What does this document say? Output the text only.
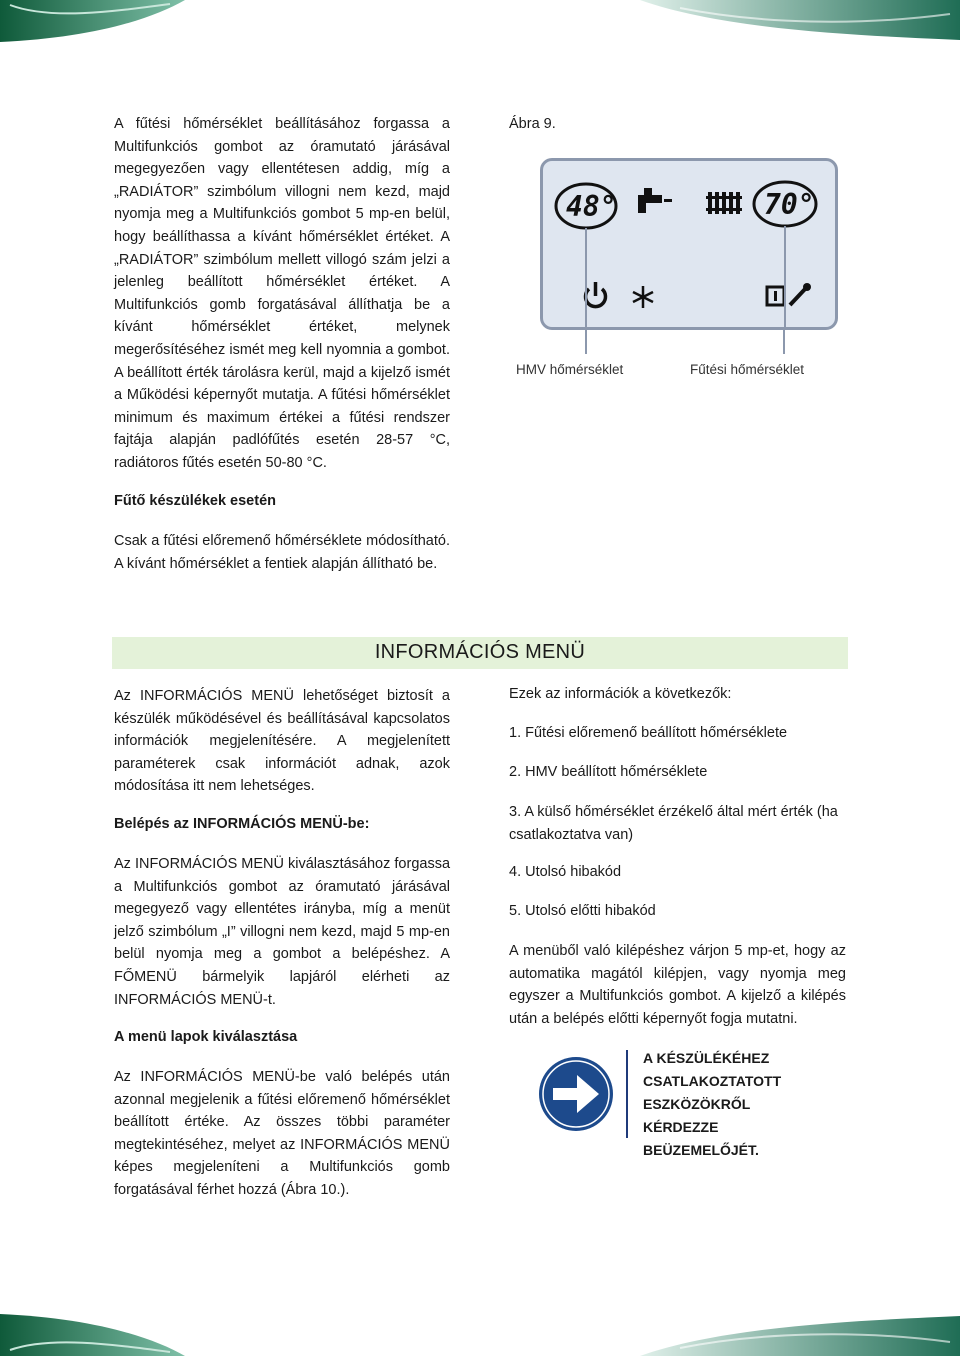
A fűtési hőmérséklet beállításához forgassa a Multifunkciós gombot az óramutató járásával megegyezően vagy ellentétesen addig, míg a „RADIÁTOR” szimbólum villogni nem kezd, majd nyomja meg a Multifunkciós gombot 5 mp-en belül, hogy beállíthassa a kívánt hőmérséklet értéket. A „RADIÁTOR” szimbólum mellett villogó szám jelzi a jelenleg beállított hőmérséklet értéket. A Multifunkciós gomb forgatásával állíthatja be a kívánt hőmérséklet értéket, melynek megerősítéséhez ismét meg kell nyomnia a gombot. A beállított érték tárolásra kerül, majd a kijelző ismét a Működési képernyőt mutatja. A fűtési hőmérséklet minimum és maximum értékei a fűtési rendszer fajtája alapján padlófűtés esetén 28-57 °C, radiátoros fűtés esetén 50-80 °C.

Ábra 9.
48°	70°
HMV hőmérséklet	Fűtési hőmérséklet
Fűtő készülékek esetén

Csak a fűtési előremenő hőmérséklete módosítható. A kívánt hőmérséklet a fentiek alapján állítható be.

INFORMÁCIÓS MENÜ

Az INFORMÁCIÓS MENÜ lehetőséget biztosít a készülék működésével és beállításával kapcsolatos információk megjelenítésére. A megjelenített paraméterek csak információt adnak, azok módosítása itt nem lehetséges.

Belépés az INFORMÁCIÓS MENÜ-be:

Az INFORMÁCIÓS MENÜ kiválasztásához forgassa a Multifunkciós gombot az óramutató járásával megegyező vagy ellentétes irányba, míg a menüt jelző szimbólum „I” villogni nem kezd, majd 5 mp-en belül nyomja meg a gombot a belépéshez. A FŐMENÜ bármelyik lapjáról elérheti az INFORMÁCIÓS MENÜ-t.

A menü lapok kiválasztása

Az INFORMÁCIÓS MENÜ-be való belépés után azonnal megjelenik a fűtési előremenő hőmérséklet beállított értéke. Az összes többi paraméter megtekintéséhez, melyet az INFORMÁCIÓS MENÜ képes megjeleníteni a Multifunkciós gomb forgatásával férhet hozzá (Ábra 10.).

Ezek az információk a következők:
1. Fűtési előremenő beállított hőmérséklete
2. HMV beállított hőmérséklete

3. A külső hőmérséklet érzékelő által mért érték (ha csatlakoztatva van)

4. Utolsó hibakód
5. Utolsó előtti hibakód

A menüből való kilépéshez várjon 5 mp-et, hogy az automatika magától kilépjen, vagy nyomja meg egyszer a Multifunkciós gombot. A kijelző a kilépés után a belépés előtti képernyőt fogja mutatni.

A KÉSZÜLÉKÉHEZ CSATLAKOZTATOTT ESZKÖZÖKRŐL KÉRDEZZE BEÜZEMELŐJÉT.
